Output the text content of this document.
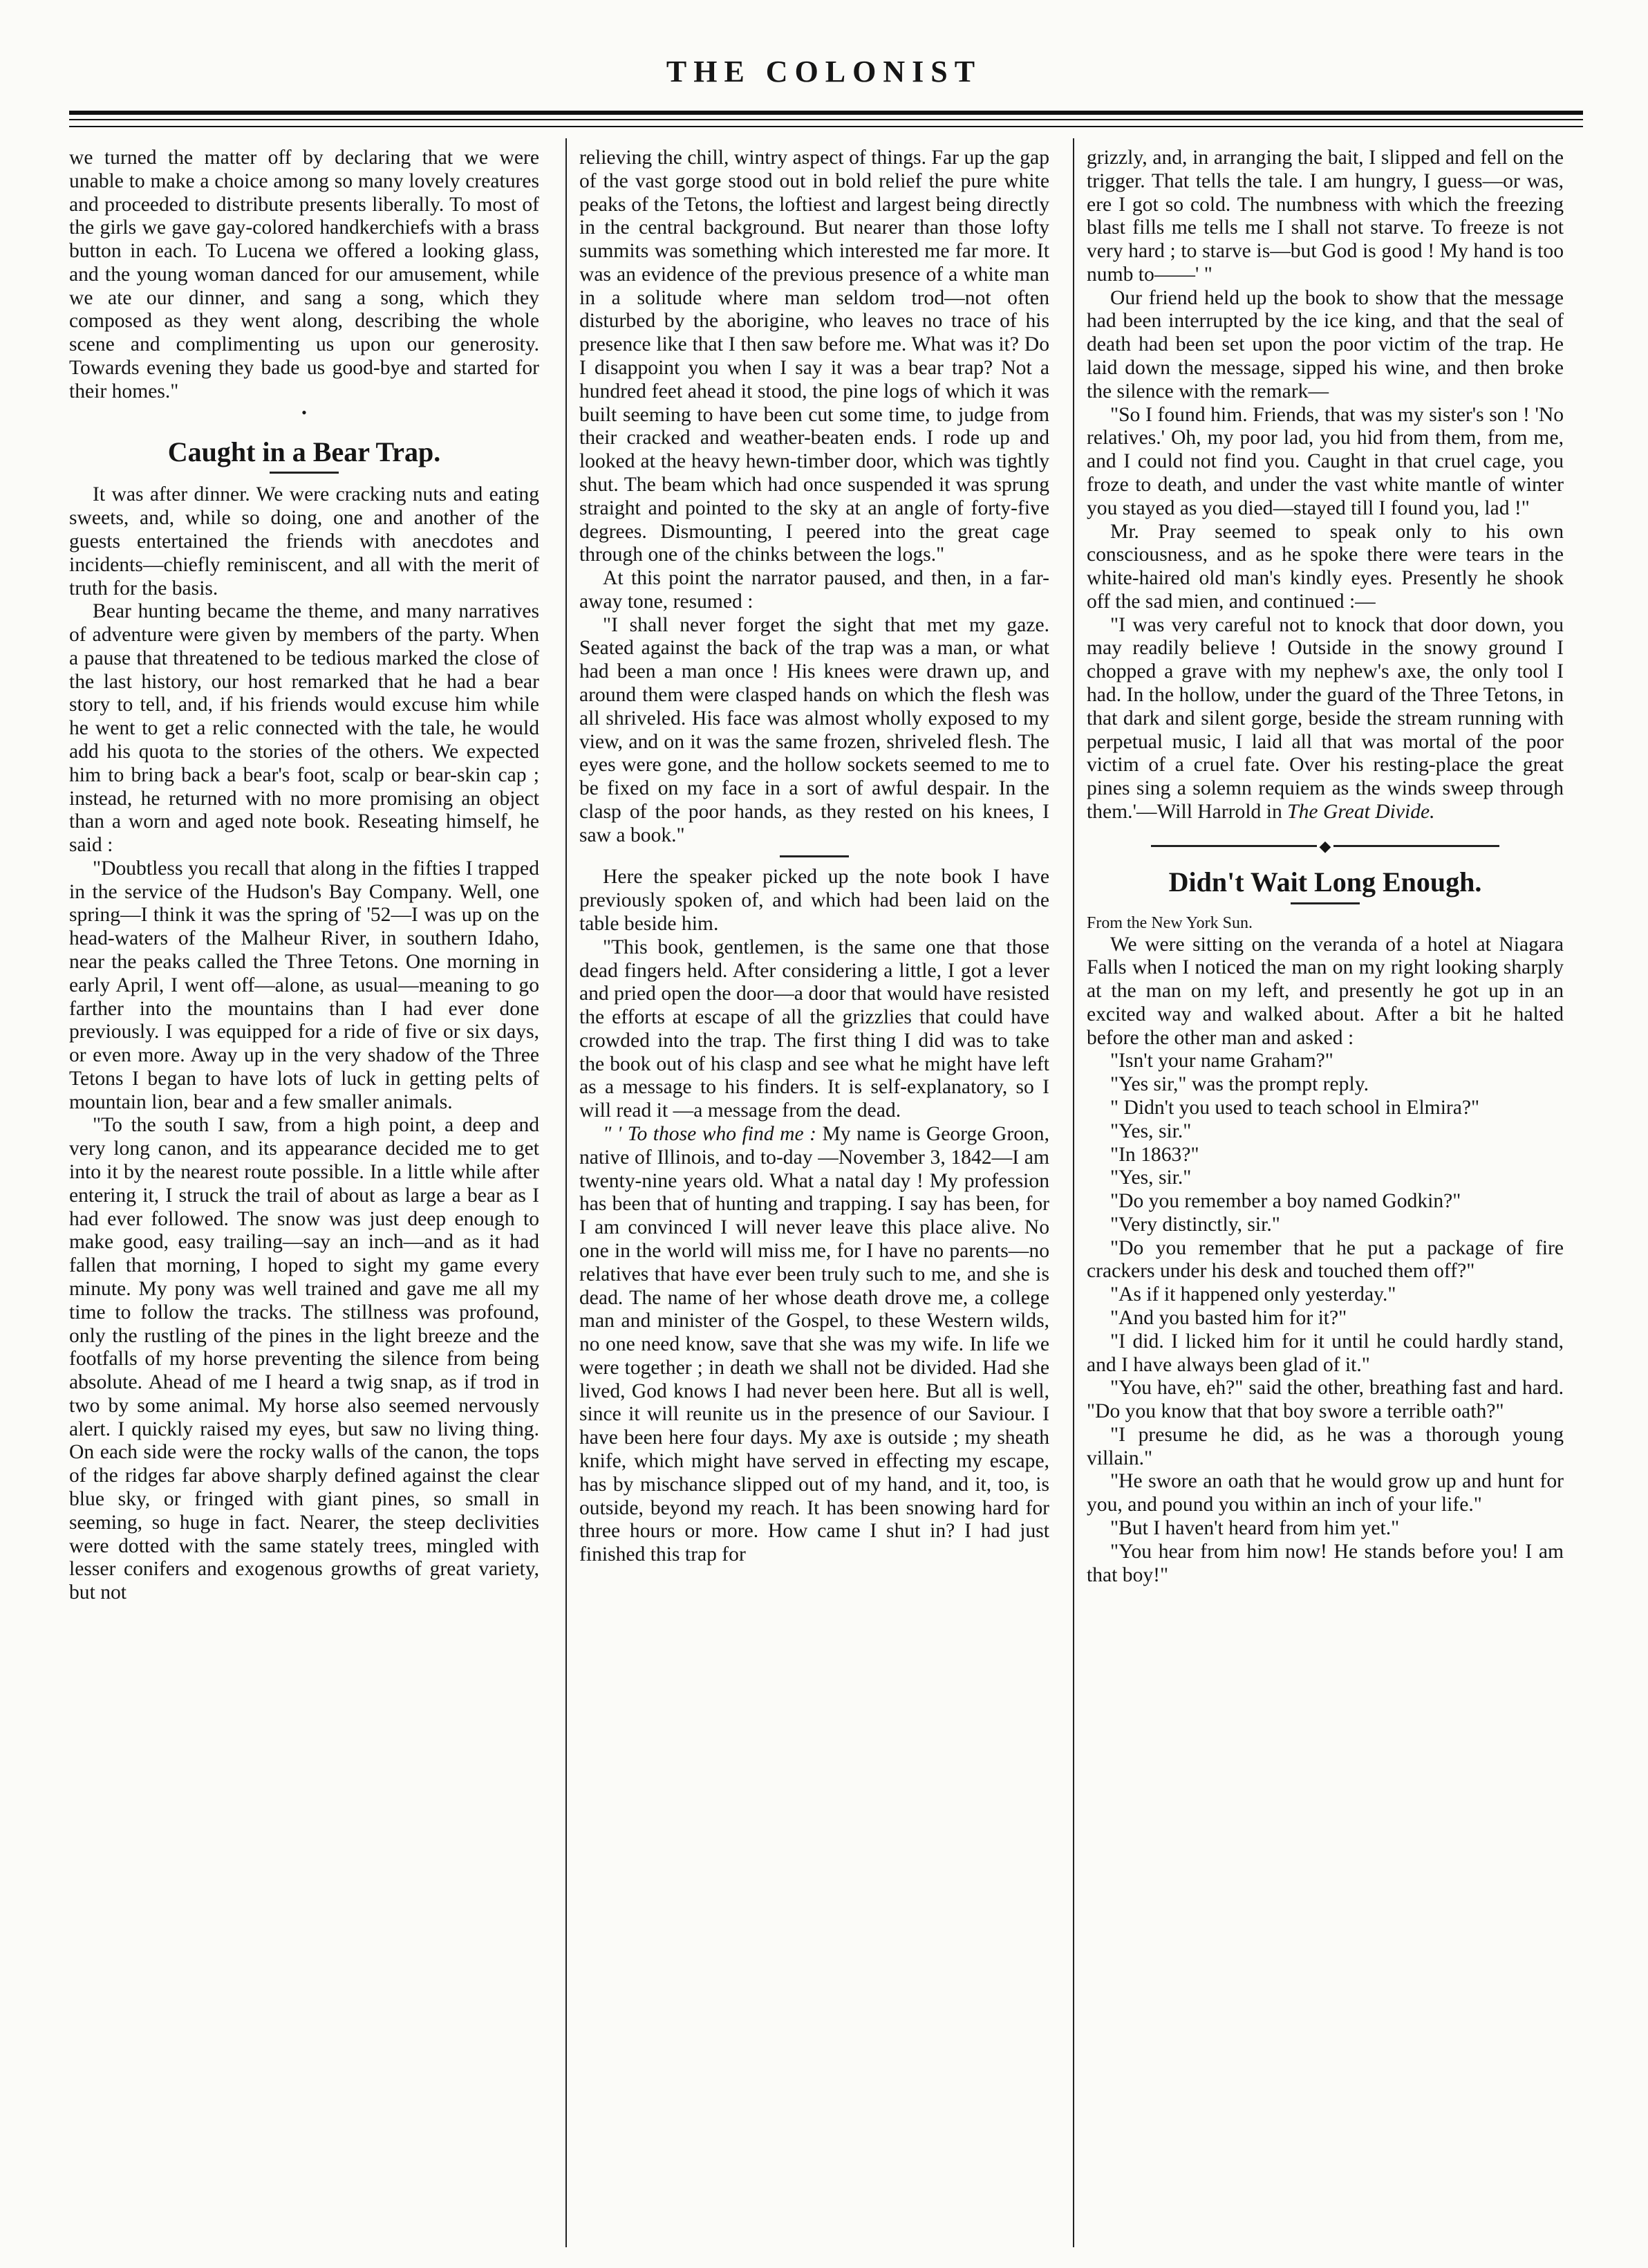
THE COLONIST

we turned the matter off by declaring that we were unable to make a choice among so many lovely creatures and proceeded to distribute presents liberally. To most of the girls we gave gay-colored handkerchiefs with a brass button in each. To Lucena we offered a looking glass, and the young woman danced for our amusement, while we ate our dinner, and sang a song, which they composed as they went along, describing the whole scene and complimenting us upon our generosity. Towards evening they bade us good-bye and started for their homes."

•
Caught in a Bear Trap.

It was after dinner. We were cracking nuts and eating sweets, and, while so doing, one and another of the guests entertained the friends with anecdotes and incidents—chiefly reminiscent, and all with the merit of truth for the basis.

Bear hunting became the theme, and many narratives of adventure were given by members of the party. When a pause that threatened to be tedious marked the close of the last history, our host remarked that he had a bear story to tell, and, if his friends would excuse him while he went to get a relic connected with the tale, he would add his quota to the stories of the others. We expected him to bring back a bear's foot, scalp or bear-skin cap ; instead, he returned with no more promising an object than a worn and aged note book. Reseating himself, he said :

"Doubtless you recall that along in the fifties I trapped in the service of the Hudson's Bay Company. Well, one spring—I think it was the spring of '52—I was up on the head-waters of the Malheur River, in southern Idaho, near the peaks called the Three Tetons. One morning in early April, I went off—alone, as usual—meaning to go farther into the mountains than I had ever done previously. I was equipped for a ride of five or six days, or even more. Away up in the very shadow of the Three Tetons I began to have lots of luck in getting pelts of mountain lion, bear and a few smaller animals.

"To the south I saw, from a high point, a deep and very long canon, and its appearance decided me to get into it by the nearest route possible. In a little while after entering it, I struck the trail of about as large a bear as I had ever followed. The snow was just deep enough to make good, easy trailing—say an inch—and as it had fallen that morning, I hoped to sight my game every minute. My pony was well trained and gave me all my time to follow the tracks. The stillness was profound, only the rustling of the pines in the light breeze and the footfalls of my horse preventing the silence from being absolute. Ahead of me I heard a twig snap, as if trod in two by some animal. My horse also seemed nervously alert. I quickly raised my eyes, but saw no living thing. On each side were the rocky walls of the canon, the tops of the ridges far above sharply defined against the clear blue sky, or fringed with giant pines, so small in seeming, so huge in fact. Nearer, the steep declivities were dotted with the same stately trees, mingled with lesser conifers and exogenous growths of great variety, but not

relieving the chill, wintry aspect of things. Far up the gap of the vast gorge stood out in bold relief the pure white peaks of the Tetons, the loftiest and largest being directly in the central background. But nearer than those lofty summits was something which interested me far more. It was an evidence of the previous presence of a white man in a solitude where man seldom trod—not often disturbed by the aborigine, who leaves no trace of his presence like that I then saw before me. What was it? Do I disappoint you when I say it was a bear trap? Not a hundred feet ahead it stood, the pine logs of which it was built seeming to have been cut some time, to judge from their cracked and weather-beaten ends. I rode up and looked at the heavy hewn-timber door, which was tightly shut. The beam which had once suspended it was sprung straight and pointed to the sky at an angle of forty-five degrees. Dismounting, I peered into the great cage through one of the chinks between the logs."

At this point the narrator paused, and then, in a far-away tone, resumed :

"I shall never forget the sight that met my gaze. Seated against the back of the trap was a man, or what had been a man once ! His knees were drawn up, and around them were clasped hands on which the flesh was all shriveled. His face was almost wholly exposed to my view, and on it was the same frozen, shriveled flesh. The eyes were gone, and the hollow sockets seemed to me to be fixed on my face in a sort of awful despair. In the clasp of the poor hands, as they rested on his knees, I saw a book."

Here the speaker picked up the note book I have previously spoken of, and which had been laid on the table beside him.

"This book, gentlemen, is the same one that those dead fingers held. After considering a little, I got a lever and pried open the door—a door that would have resisted the efforts at escape of all the grizzlies that could have crowded into the trap. The first thing I did was to take the book out of his clasp and see what he might have left as a message to his finders. It is self-explanatory, so I will read it —a message from the dead.

" ' To those who find me : My name is George Groon, native of Illinois, and to-day —November 3, 1842—I am twenty-nine years old. What a natal day ! My profession has been that of hunting and trapping. I say has been, for I am convinced I will never leave this place alive. No one in the world will miss me, for I have no parents—no relatives that have ever been truly such to me, and she is dead. The name of her whose death drove me, a college man and minister of the Gospel, to these Western wilds, no one need know, save that she was my wife. In life we were together ; in death we shall not be divided. Had she lived, God knows I had never been here. But all is well, since it will reunite us in the presence of our Saviour. I have been here four days. My axe is outside ; my sheath knife, which might have served in effecting my escape, has by mischance slipped out of my hand, and it, too, is outside, beyond my reach. It has been snowing hard for three hours or more. How came I shut in? I had just finished this trap for

grizzly, and, in arranging the bait, I slipped and fell on the trigger. That tells the tale. I am hungry, I guess—or was, ere I got so cold. The numbness with which the freezing blast fills me tells me I shall not starve. To freeze is not very hard ; to starve is—but God is good ! My hand is too numb to——' "

Our friend held up the book to show that the message had been interrupted by the ice king, and that the seal of death had been set upon the poor victim of the trap. He laid down the message, sipped his wine, and then broke the silence with the remark—

"So I found him. Friends, that was my sister's son ! 'No relatives.' Oh, my poor lad, you hid from them, from me, and I could not find you. Caught in that cruel cage, you froze to death, and under the vast white mantle of winter you stayed as you died—stayed till I found you, lad !"

Mr. Pray seemed to speak only to his own consciousness, and as he spoke there were tears in the white-haired old man's kindly eyes. Presently he shook off the sad mien, and continued :—

"I was very careful not to knock that door down, you may readily believe ! Outside in the snowy ground I chopped a grave with my nephew's axe, the only tool I had. In the hollow, under the guard of the Three Tetons, in that dark and silent gorge, beside the stream running with perpetual music, I laid all that was mortal of the poor victim of a cruel fate. Over his resting-place the great pines sing a solemn requiem as the winds sweep through them.'—Will Harrold in The Great Divide.

◆
Didn't Wait Long Enough.

From the New York Sun.

We were sitting on the veranda of a hotel at Niagara Falls when I noticed the man on my right looking sharply at the man on my left, and presently he got up in an excited way and walked about. After a bit he halted before the other man and asked :

"Isn't your name Graham?"

"Yes sir," was the prompt reply.

" Didn't you used to teach school in Elmira?"

"Yes, sir."

"In 1863?"

"Yes, sir."

"Do you remember a boy named Godkin?"

"Very distinctly, sir."

"Do you remember that he put a package of fire crackers under his desk and touched them off?"

"As if it happened only yesterday."

"And you basted him for it?"

"I did. I licked him for it until he could hardly stand, and I have always been glad of it."

"You have, eh?" said the other, breathing fast and hard. "Do you know that that boy swore a terrible oath?"

"I presume he did, as he was a thorough young villain."

"He swore an oath that he would grow up and hunt for you, and pound you within an inch of your life."

"But I haven't heard from him yet."

"You hear from him now! He stands before you! I am that boy!"
